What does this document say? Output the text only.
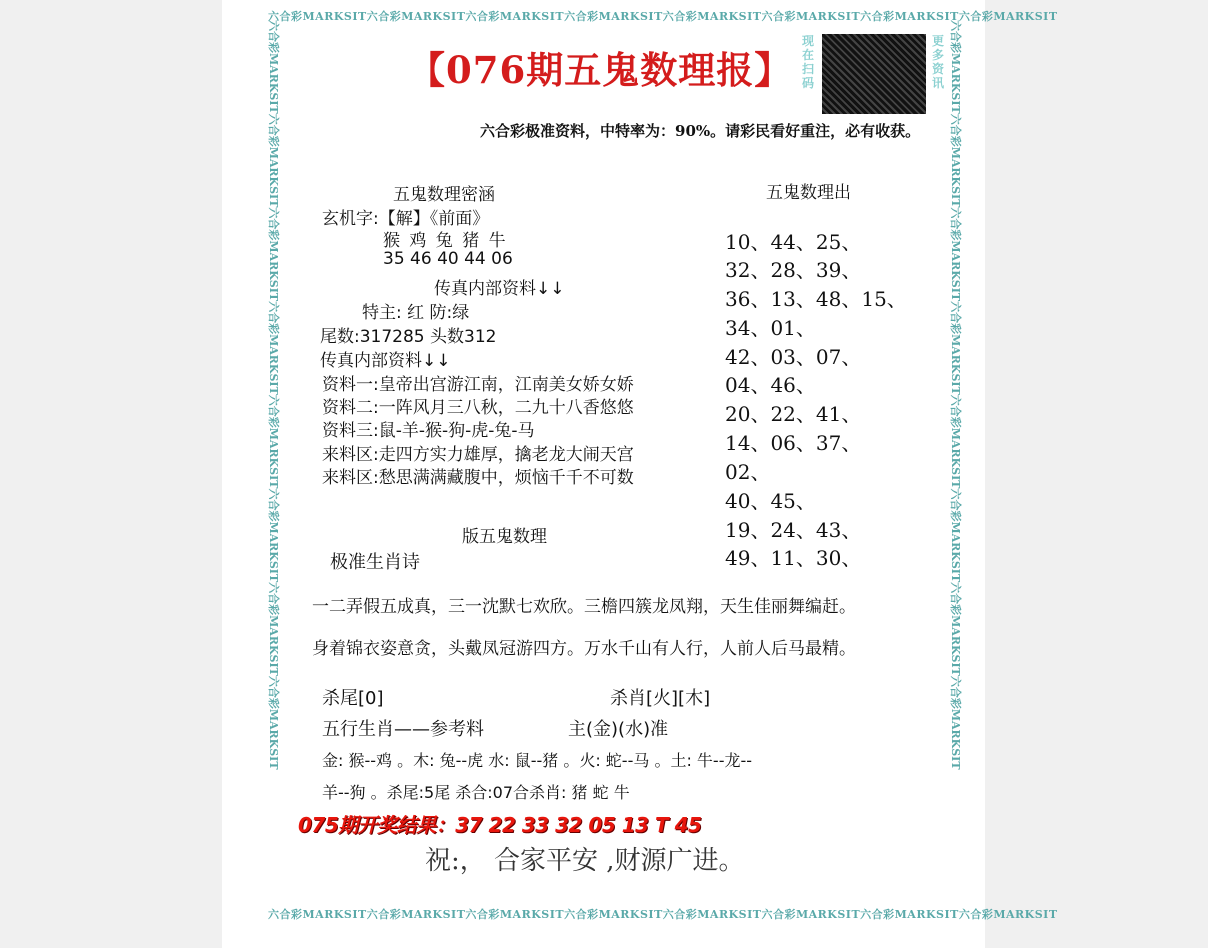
六合彩MARKSIT六合彩MARKSIT六合彩MARKSIT六合彩MARKSIT六合彩MARKSIT六合彩MARKSIT六合彩MARKSIT六合彩MARKSIT
六合彩MARKSIT六合彩MARKSIT六合彩MARKSIT六合彩MARKSIT六合彩MARKSIT六合彩MARKSIT六合彩MARKSIT六合彩MARKSIT
六合彩MARKSIT六合彩MARKSIT六合彩MARKSIT六合彩MARKSIT六合彩MARKSIT六合彩MARKSIT六合彩MARKSIT六合彩MARKSIT	六合彩MARKSIT六合彩MARKSIT六合彩MARKSIT六合彩MARKSIT六合彩MARKSIT六合彩MARKSIT六合彩MARKSIT六合彩MARKSIT
【076期五鬼数理报】
现在扫码
更多资讯
六合彩极准资料，中特率为：90%。请彩民看好重注，必有收获。
五鬼数理密涵
玄机字:【解】《前面》
猴 鸡 兔 猪 牛
35 46 40 44 06
传真内部资料↓↓
特主: 红 防:绿
尾数:317285 头数312
传真内部资料↓↓
资料一:皇帝出宫游江南，江南美女娇女娇
资料二:一阵风月三八秋，二九十八香悠悠
资料三:鼠-羊-猴-狗-虎-兔-马
来料区:走四方实力雄厚，擒老龙大闹天宫
来料区:愁思满满藏腹中，烦恼千千不可数
版五鬼数理
极准生肖诗
五鬼数理出
10、44、25、
32、28、39、
36、13、48、15、
34、01、
42、03、07、
04、46、
20、22、41、
14、06、37、
02、
40、45、
19、24、43、
49、11、30、
一二弄假五成真，三一沈默七欢欣。三檐四簇龙凤翔，天生佳丽舞编赶。
身着锦衣姿意贪，头戴凤冠游四方。万水千山有人行，人前人后马最精。
杀尾[0]	杀肖[火][木]
五行生肖——参考料	主(金)(水)准
金: 猴--鸡 。木: 兔--虎 水: 鼠--猪 。火: 蛇--马 。土: 牛--龙--
羊--狗 。杀尾:5尾 杀合:07合杀肖: 猪 蛇 牛
075期开奖结果：37 22 33 32 05 13 T 45
祝:， 合家平安 ,财源广进。
